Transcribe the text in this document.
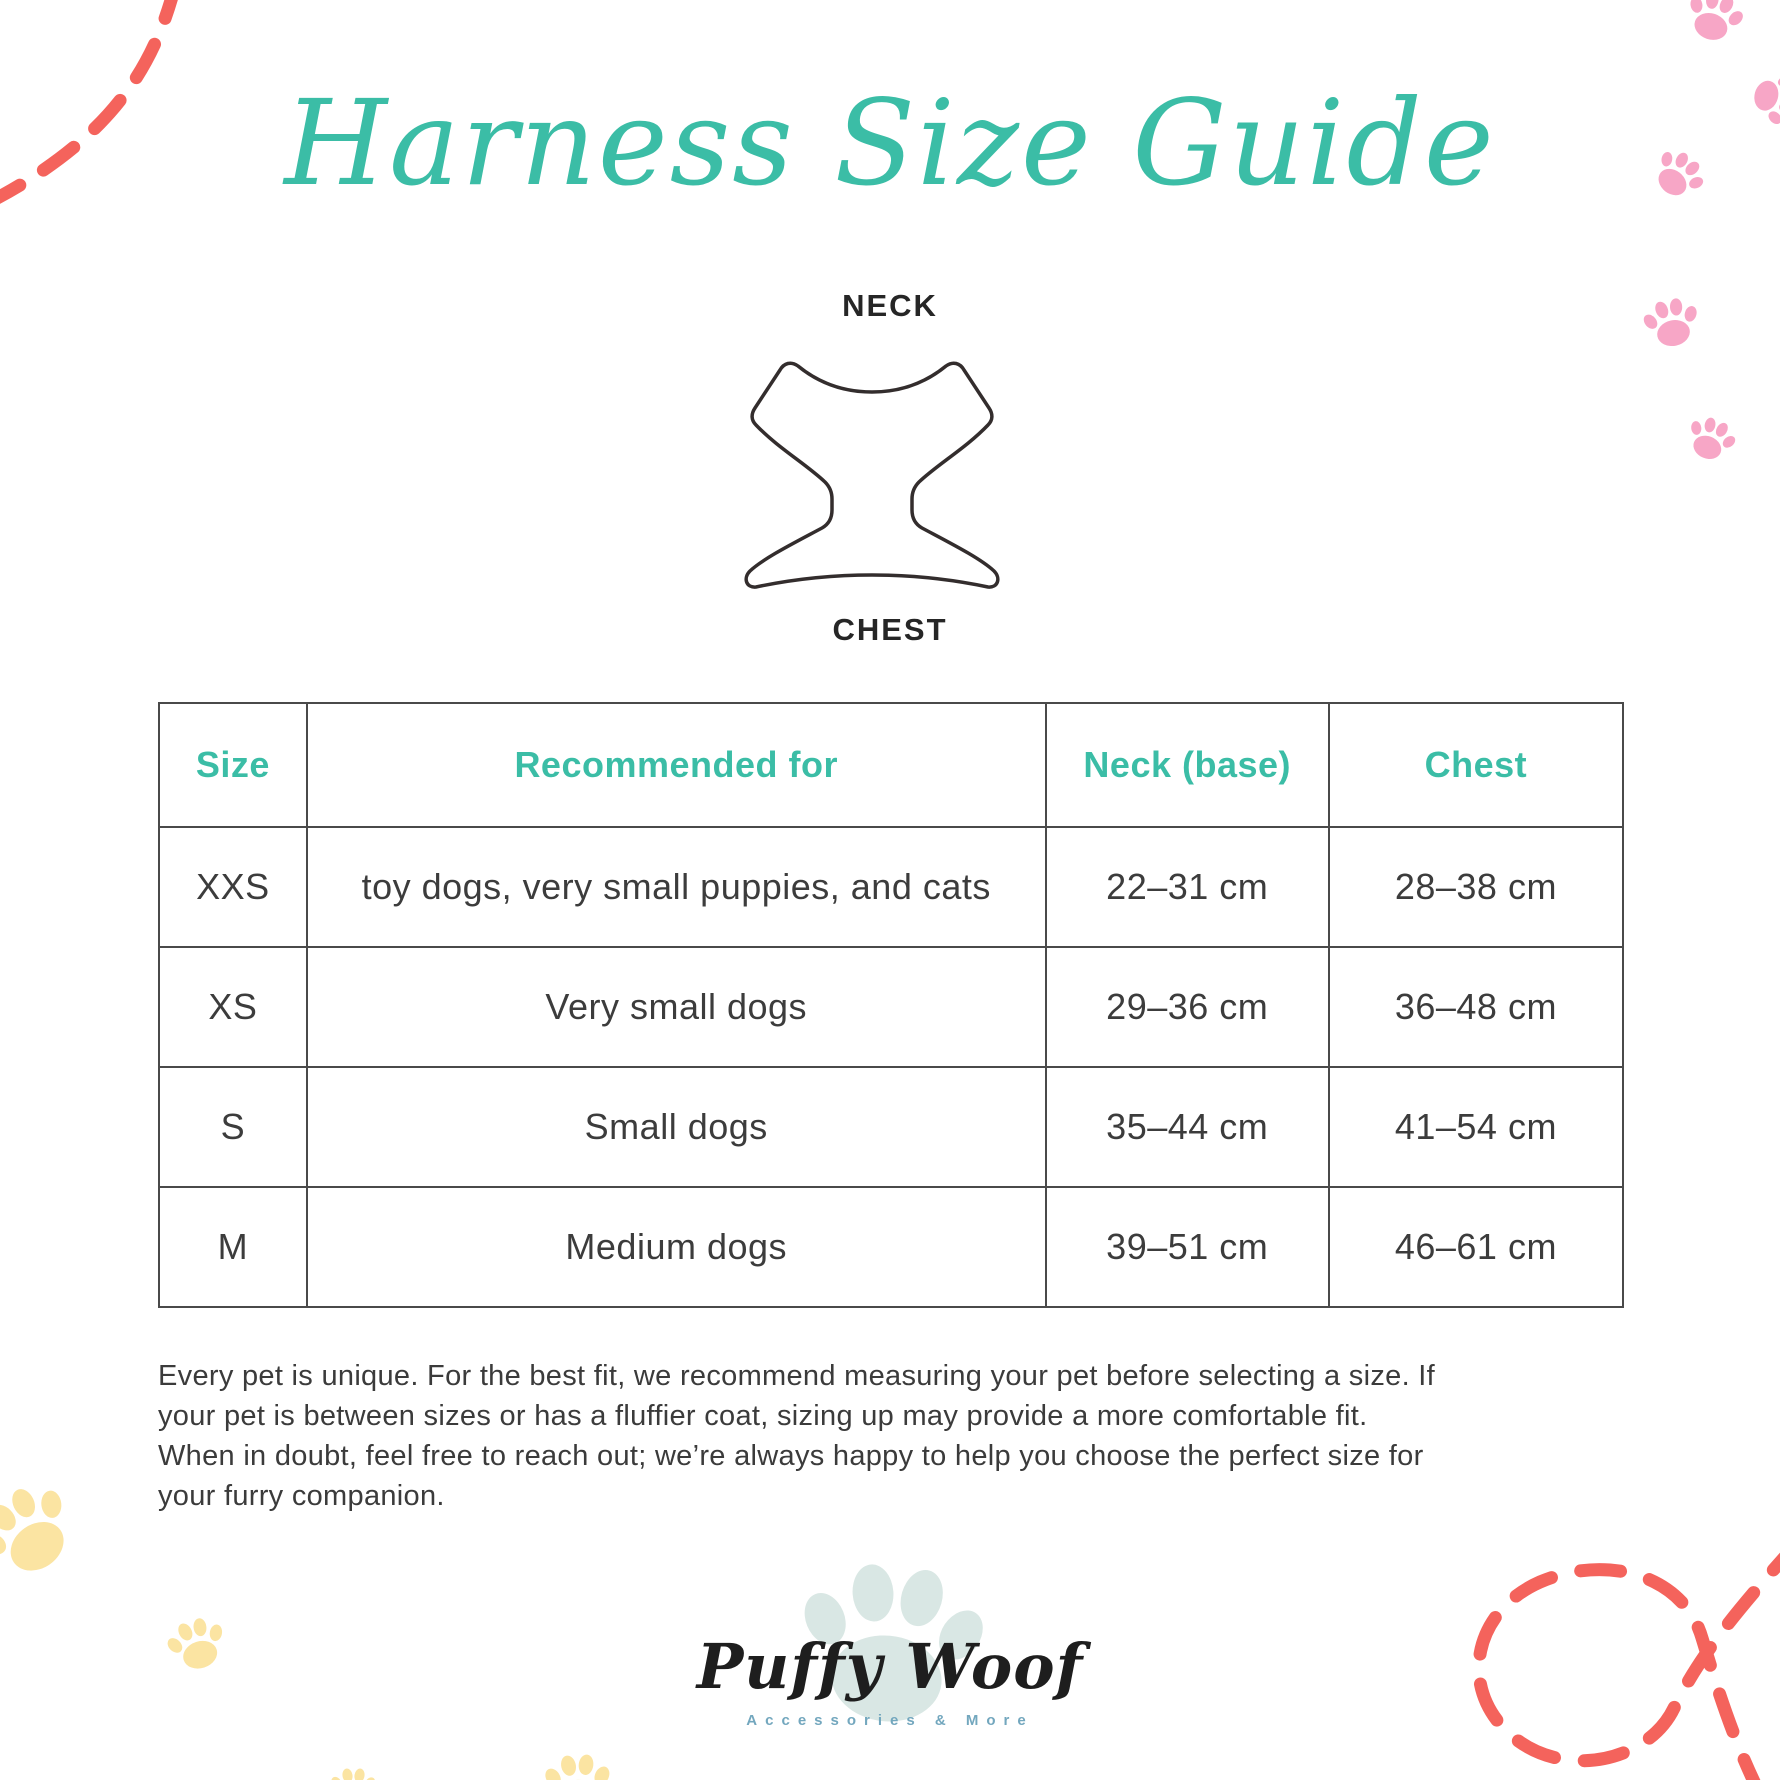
Harness Size Guide
NECK
CHEST
Size	Recommended for	Neck (base)	Chest
XXS	toy dogs, very small puppies, and cats	22–31 cm	28–38 cm
XS	Very small dogs	29–36 cm	36–48 cm
S	Small dogs	35–44 cm	41–54 cm
M	Medium dogs	39–51 cm	46–61 cm
Every pet is unique. For the best fit, we recommend measuring your pet before selecting a size. If
your pet is between sizes or has a fluffier coat, sizing up may provide a more comfortable fit.
When in doubt, feel free to reach out; we’re always happy to help you choose the perfect size for
your furry companion.
Puffy Woof
Accessories & More
